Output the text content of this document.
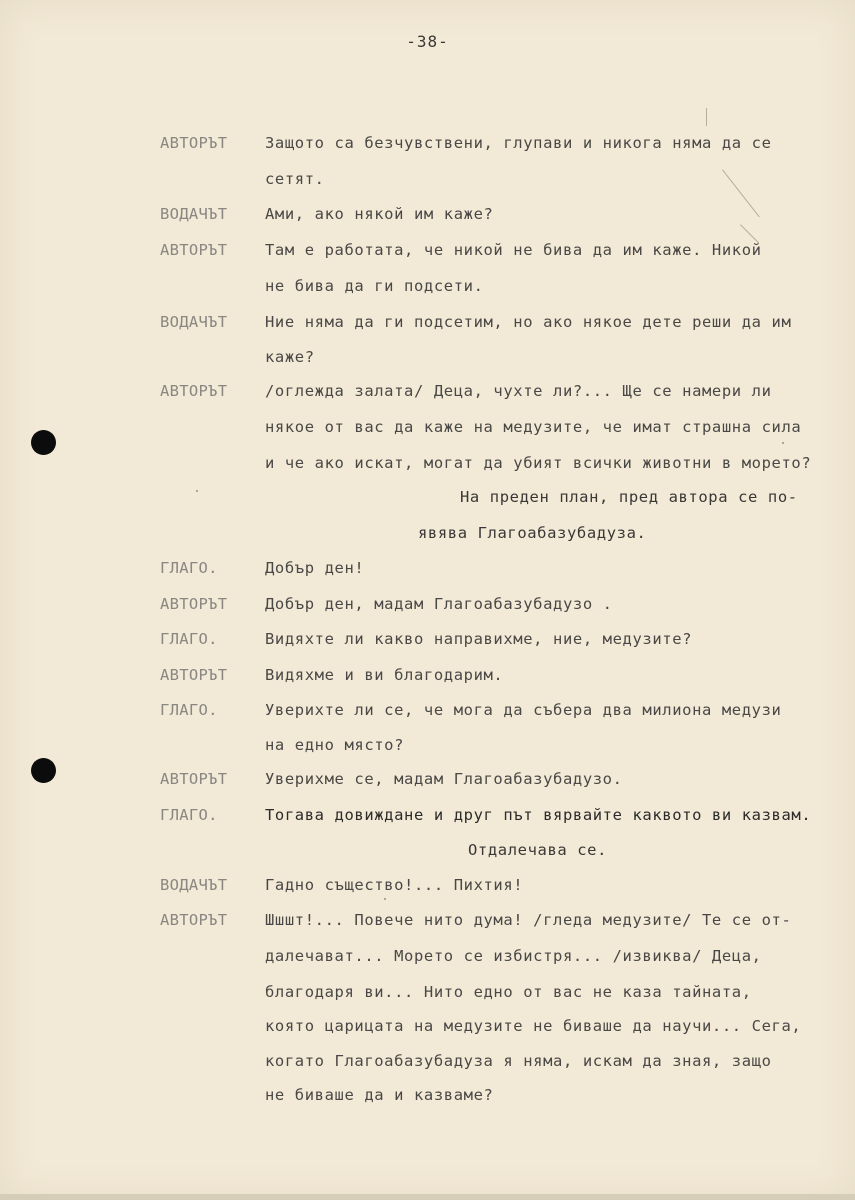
-38-
АВТОРЪТ Защото са безчувствени, глупави и никога няма да се
сетят.
ВОДАЧЪТ Ами, ако някой им каже?
АВТОРЪТ Там е работата, че никой не бива да им каже. Никой
не бива да ги подсети.
ВОДАЧЪТ Ние няма да ги подсетим, но ако някое дете реши да им
каже?
АВТОРЪТ /оглежда залата/ Деца, чухте ли?... Ще се намери ли
някое от вас да каже на медузите, че имат страшна сила
и че ако искат, могат да убият всички животни в морето?
На преден план, пред автора се по-
явява Глагоабазубадуза.
ГЛАГО.	Добър ден!
АВТОРЪТ Добър ден, мадам Глагоабазубадузо .
ГЛАГО.	Видяхте ли какво направихме, ние, медузите?
АВТОРЪТ Видяхме и ви благодарим.
ГЛАГО.	Уверихте ли се, че мога да събера два милиона медузи
на едно място?
АВТОРЪТ Уверихме се, мадам Глагоабазубадузо.
ГЛАГО.	Тогава довиждане и друг път вярвайте каквото ви казвам.
Отдалечава се.
ВОДАЧЪТ Гадно същество!... Пихтия!
АВТОРЪТ Шшшт!... Повече нито дума! /гледа медузите/ Те се от-
далечават... Морето се избистря... /извиква/ Деца,
благодаря ви... Нито едно от вас не каза тайната,
която царицата на медузите не биваше да научи... Сега,
когато Глагоабазубадуза я няма, искам да зная, защо
не биваше да и казваме?
